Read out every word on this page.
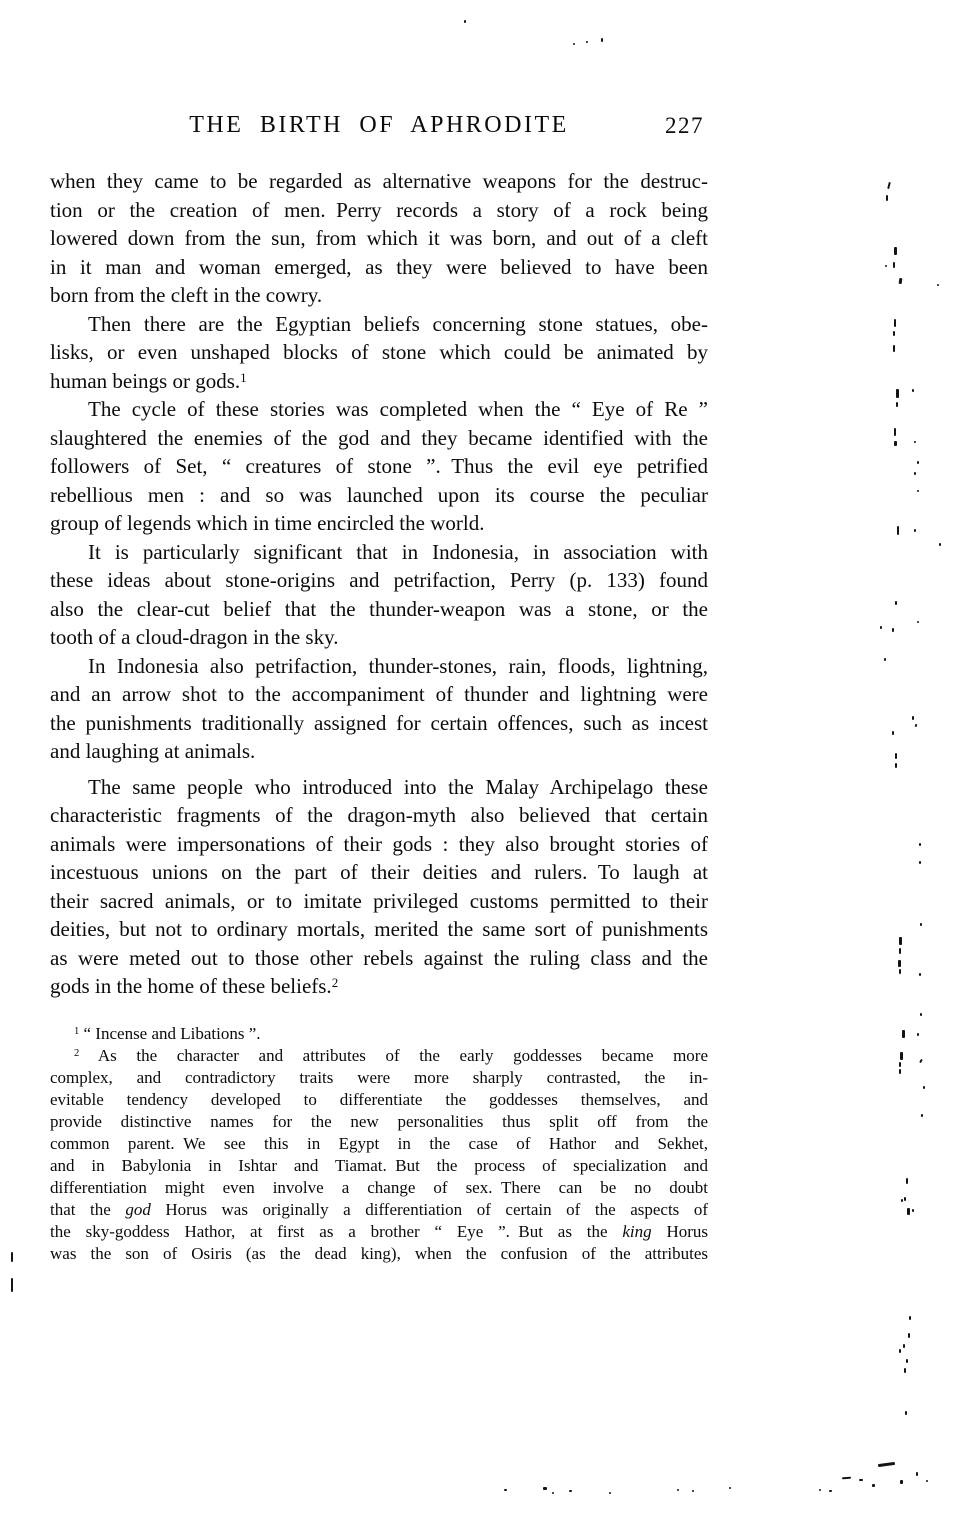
THE BIRTH OF APHRODITE	227
when they came to be regarded as alternative weapons for the destruc-
tion or the creation of men. Perry records a story of a rock being
lowered down from the sun, from which it was born, and out of a cleft
in it man and woman emerged, as they were believed to have been
born from the cleft in the cowry.
Then there are the Egyptian beliefs concerning stone statues, obe-
lisks, or even unshaped blocks of stone which could be animated by
human beings or gods.$^1$
The cycle of these stories was completed when the “ Eye of Re ”
slaughtered the enemies of the god and they became identified with the
followers of Set, “ creatures of stone ”. Thus the evil eye petrified
rebellious men : and so was launched upon its course the peculiar
group of legends which in time encircled the world.
It is particularly significant that in Indonesia, in association with
these ideas about stone-origins and petrifaction, Perry (p. 133) found
also the clear-cut belief that the thunder-weapon was a stone, or the
tooth of a cloud-dragon in the sky.
In Indonesia also petrifaction, thunder-stones, rain, floods, lightning,
and an arrow shot to the accompaniment of thunder and lightning were
the punishments traditionally assigned for certain offences, such as incest
and laughing at animals.
The same people who introduced into the Malay Archipelago these
characteristic fragments of the dragon-myth also believed that certain
animals were impersonations of their gods : they also brought stories of
incestuous unions on the part of their deities and rulers. To laugh at
their sacred animals, or to imitate privileged customs permitted to their
deities, but not to ordinary mortals, merited the same sort of punishments
as were meted out to those other rebels against the ruling class and the
gods in the home of these beliefs.$^2$
$^1$ “ Incense and Libations ”.
$^2$ As the character and attributes of the early goddesses became more
complex, and contradictory traits were more sharply contrasted, the in-
evitable tendency developed to differentiate the goddesses themselves, and
provide distinctive names for the new personalities thus split off from the
common parent. We see this in Egypt in the case of Hathor and Sekhet,
and in Babylonia in Ishtar and Tiamat. But the process of specialization and
differentiation might even involve a change of sex. There can be no doubt
that the god Horus was originally a differentiation of certain of the aspects of
the sky-goddess Hathor, at first as a brother “ Eye ”. But as the king Horus
was the son of Osiris (as the dead king), when the confusion of the attributes
